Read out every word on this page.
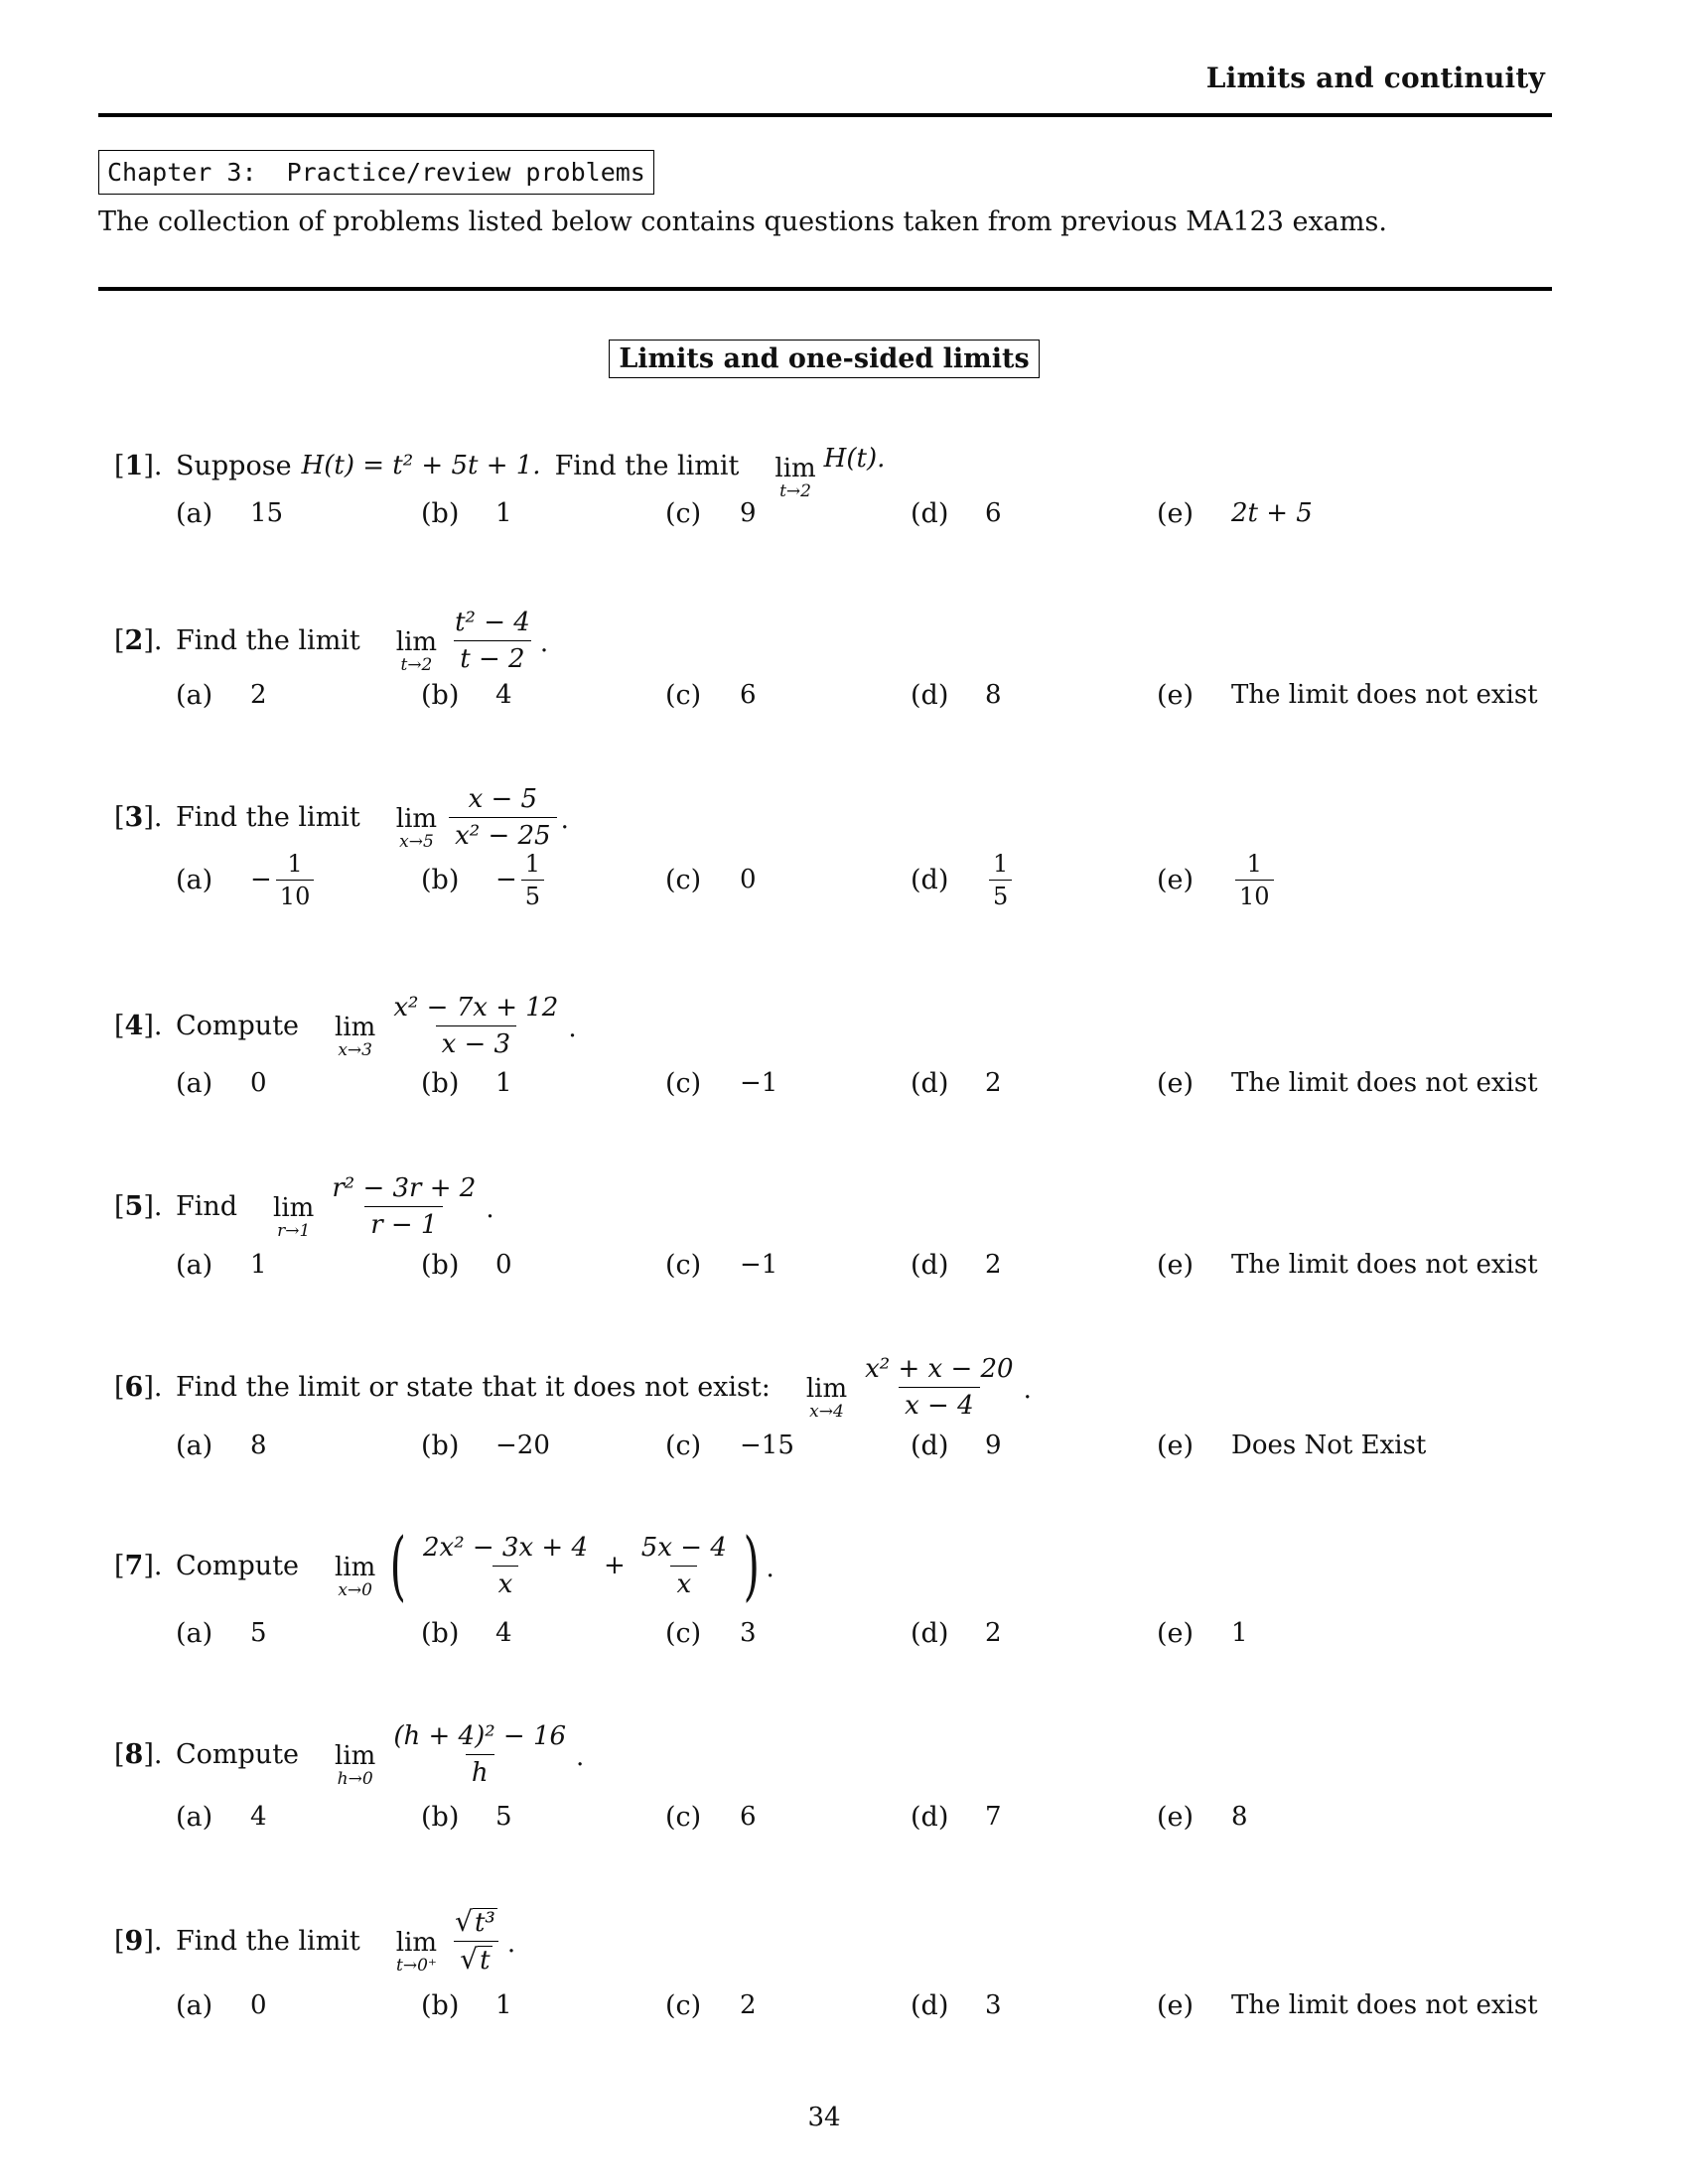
Limits and continuity
Chapter 3:  Practice/review problems
The collection of problems listed below contains questions taken from previous MA123 exams.
Limits and one-sided limits
[1]. Suppose H(t) = t² + 5t + 1. Find the limit lim
t→2
H(t).
(a)	15	(b)	1	(c)	9	(d)	6	(e)	2t + 5
[2]. Find the limit lim
$t\to 2 \frac{\text{t² − 4}}{t - 2}$ .
(a)	2	(b)	4	(c)	6	(d)	8	(e)	The limit does not exist
[3]. Find the limit lim
$x\to 5 \frac{x - 5}{\text{x² − 25}}$ .
(a)	− $\frac{1}{10}$	(b)	− $\frac{1}{5}$	(c)	0	(d)
1
5
(e)
1
10
[4]. Compute lim
$x\to 3 \frac{\text{x² − 7x + 12}}{x - 3}$ .
(a)	0	(b)	1	(c)	−1	(d)	2	(e)	The limit does not exist
[5]. Find lim
$r\to 1 \frac{\text{r² − 3r + 2}}{r - 1}$ .
(a)	1	(b)	0	(c)	−1	(d)	2	(e)	The limit does not exist
[6]. Find the limit or state that it does not exist: lim
$x\to 4 \frac{\text{x² + x − 20}}{x - 4}$ .
(a)	8	(b)	−20	(c)	−15	(d)	9	(e)	Does Not Exist
[7]. Compute lim
x→0 ( $\frac{\text{2x² − 3x + 4}}{x} + \frac{5x - 4}{x}$ ) .
(a)	5	(b)	4	(c)	3	(d)	2	(e)	1
[8]. Compute lim
$h\to 0 \frac{\text{(h + 4)² − 16}}{h}$ .
(a)	4	(b)	5	(c)	6	(d)	7	(e)	8
[9]. Find the limit lim
$t\to 0^+ \frac{\text{√ t³}}{√ t}$ .
(a)	0	(b)	1	(c)	2	(d)	3	(e)	The limit does not exist
34
